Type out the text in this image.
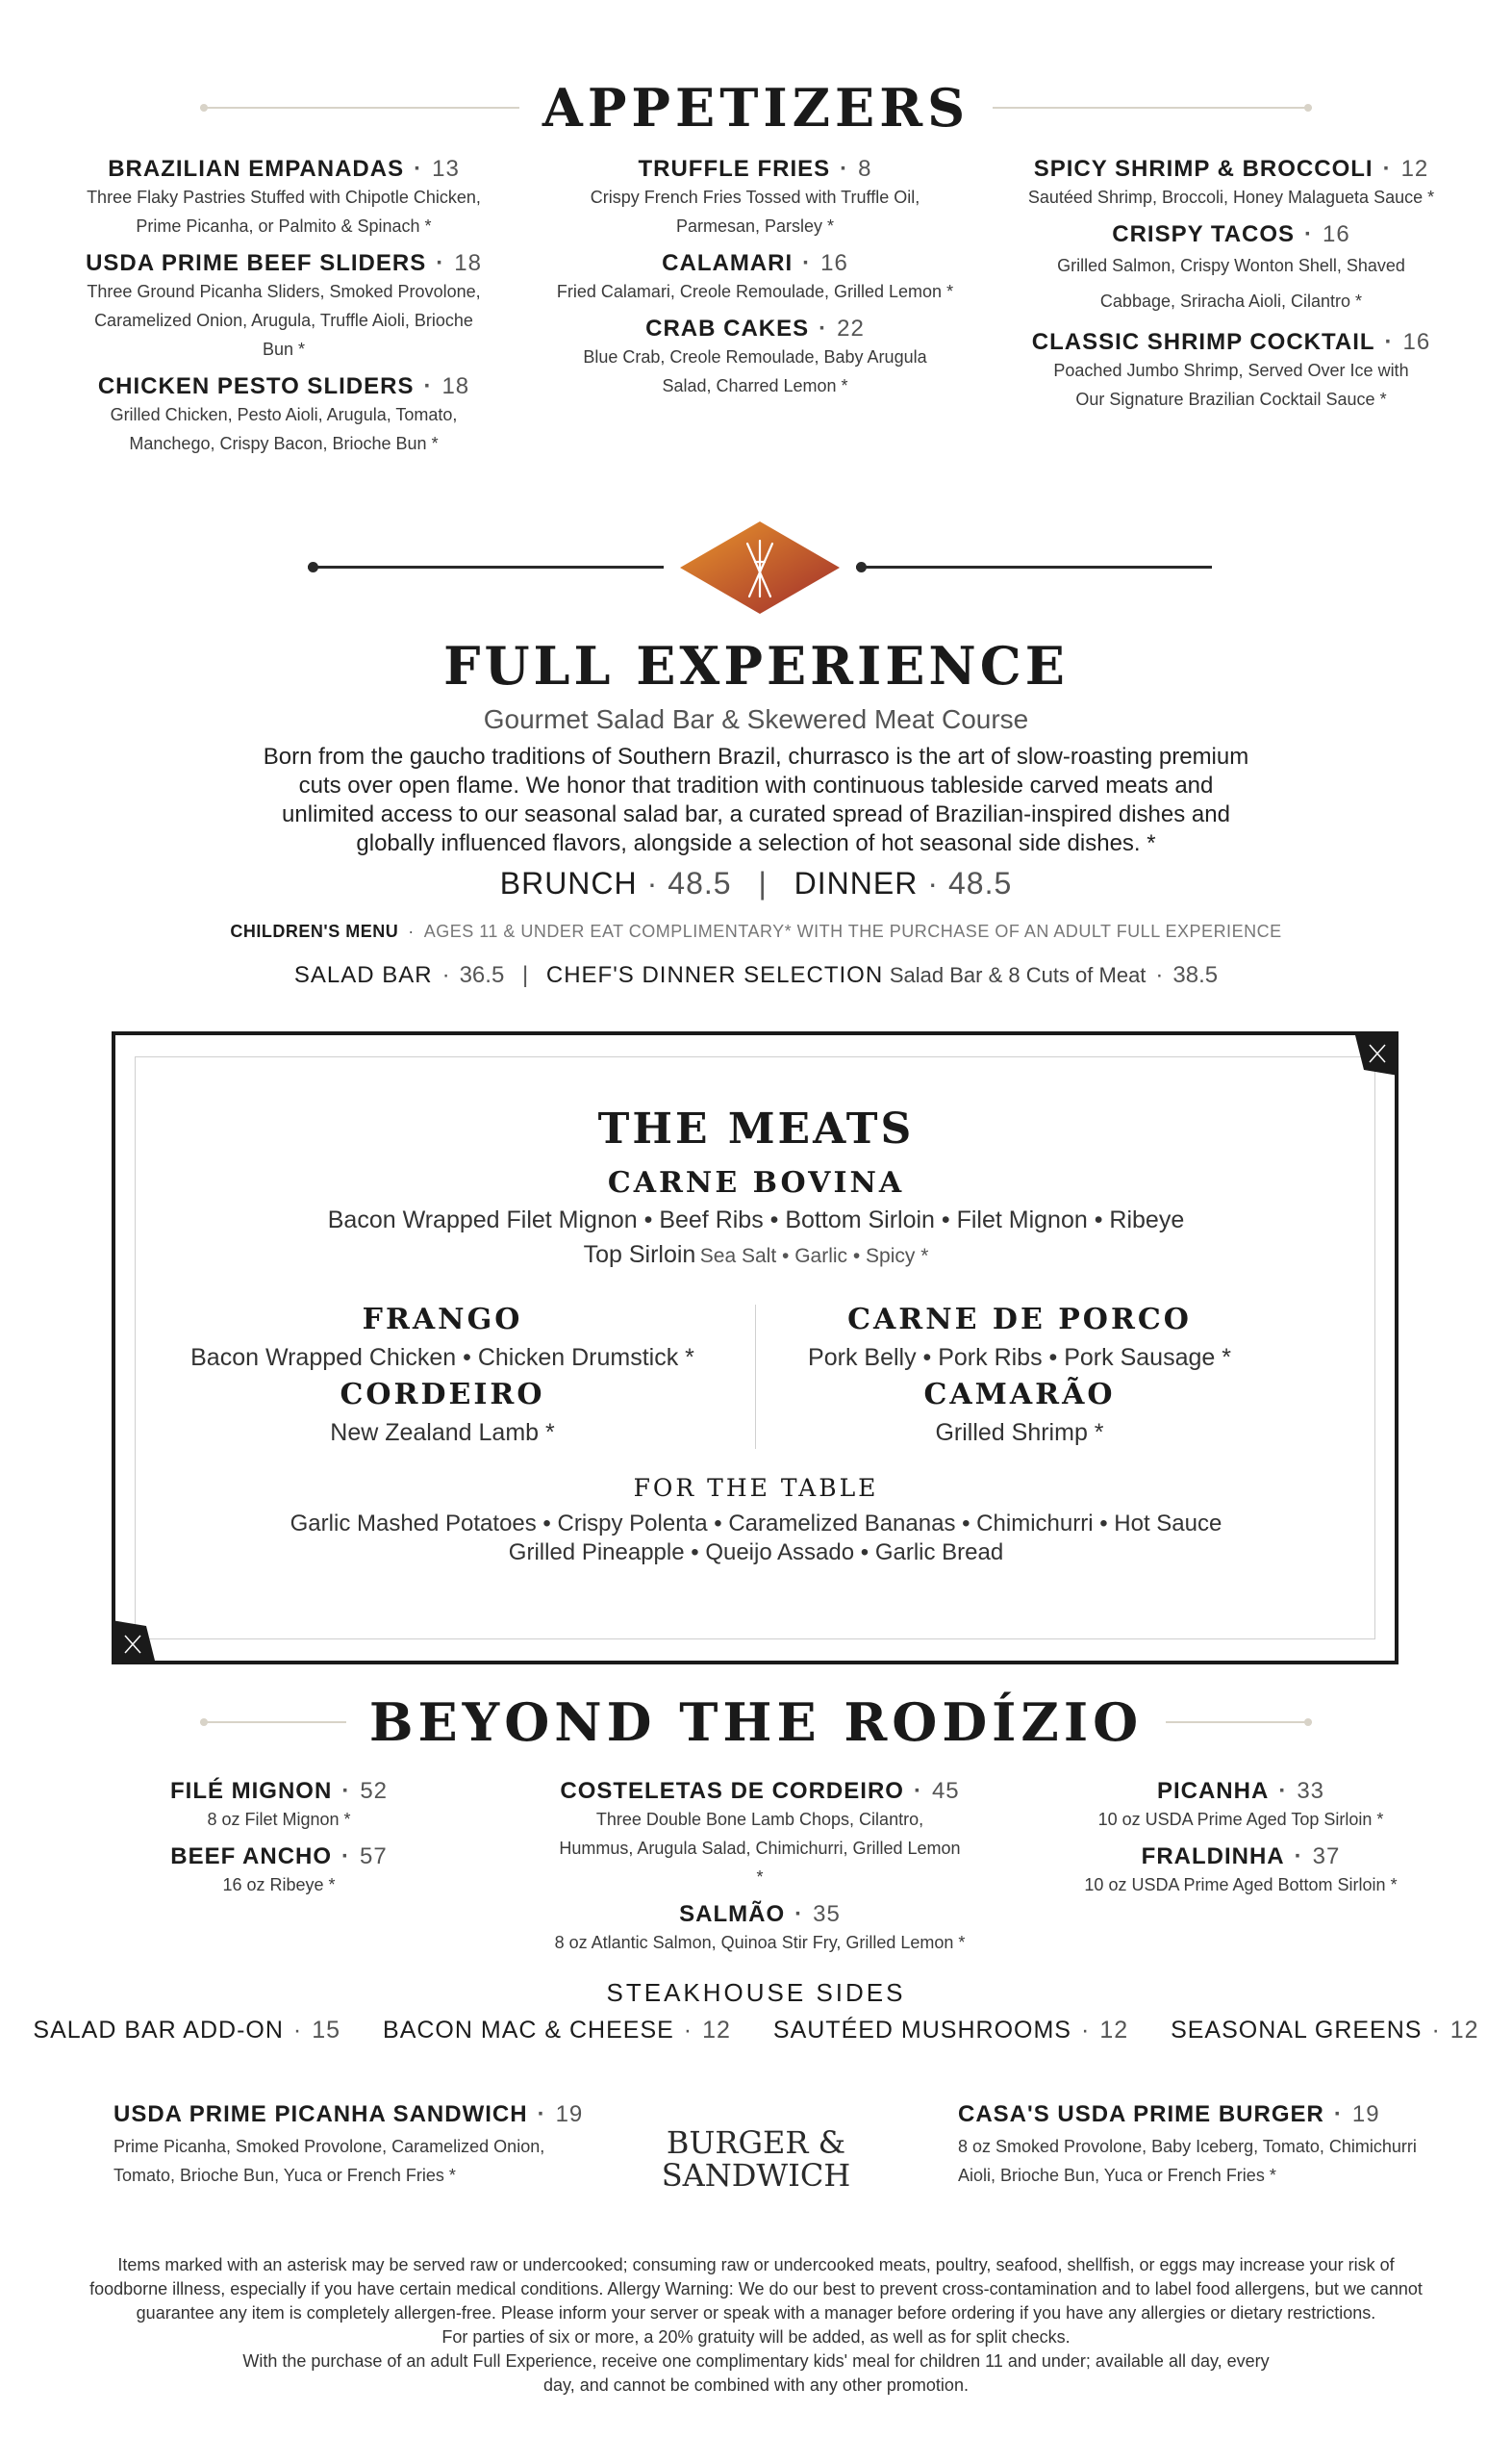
APPETIZERS
BRAZILIAN EMPANADAS · 13
Three Flaky Pastries Stuffed with Chipotle Chicken, Prime Picanha, or Palmito & Spinach *
USDA PRIME BEEF SLIDERS · 18
Three Ground Picanha Sliders, Smoked Provolone, Caramelized Onion, Arugula, Truffle Aioli, Brioche Bun *
CHICKEN PESTO SLIDERS · 18
Grilled Chicken, Pesto Aioli, Arugula, Tomato, Manchego, Crispy Bacon, Brioche Bun *
TRUFFLE FRIES · 8
Crispy French Fries Tossed with Truffle Oil, Parmesan, Parsley *
CALAMARI · 16
Fried Calamari, Creole Remoulade, Grilled Lemon *
CRAB CAKES · 22
Blue Crab, Creole Remoulade, Baby Arugula Salad, Charred Lemon *
SPICY SHRIMP & BROCCOLI · 12
Sautéed Shrimp, Broccoli, Honey Malagueta Sauce *
CRISPY TACOS · 16
Grilled Salmon, Crispy Wonton Shell, Shaved Cabbage, Sriracha Aioli, Cilantro *
CLASSIC SHRIMP COCKTAIL · 16
Poached Jumbo Shrimp, Served Over Ice with Our Signature Brazilian Cocktail Sauce *
FULL EXPERIENCE
Gourmet Salad Bar & Skewered Meat Course
Born from the gaucho traditions of Southern Brazil, churrasco is the art of slow-roasting premium cuts over open flame. We honor that tradition with continuous tableside carved meats and unlimited access to our seasonal salad bar, a curated spread of Brazilian-inspired dishes and globally influenced flavors, alongside a selection of hot seasonal side dishes. *
BRUNCH · 48.5 | DINNER · 48.5
CHILDREN'S MENU · AGES 11 & UNDER EAT COMPLIMENTARY* WITH THE PURCHASE OF AN ADULT FULL EXPERIENCE
SALAD BAR · 36.5 | CHEF'S DINNER SELECTION Salad Bar & 8 Cuts of Meat · 38.5
THE MEATS
CARNE BOVINA
Bacon Wrapped Filet Mignon • Beef Ribs • Bottom Sirloin • Filet Mignon • Ribeye
Top Sirloin Sea Salt • Garlic • Spicy *
FRANGO
Bacon Wrapped Chicken • Chicken Drumstick *
CORDEIRO
New Zealand Lamb *
CARNE DE PORCO
Pork Belly • Pork Ribs • Pork Sausage *
CAMARÃO
Grilled Shrimp *
FOR THE TABLE
Garlic Mashed Potatoes • Crispy Polenta • Caramelized Bananas • Chimichurri • Hot Sauce
Grilled Pineapple • Queijo Assado • Garlic Bread
BEYOND THE RODÍZIO
FILÉ MIGNON · 52
8 oz Filet Mignon *
BEEF ANCHO · 57
16 oz Ribeye *
COSTELETAS DE CORDEIRO · 45
Three Double Bone Lamb Chops, Cilantro, Hummus, Arugula Salad, Chimichurri, Grilled Lemon *
SALMÃO · 35
8 oz Atlantic Salmon, Quinoa Stir Fry, Grilled Lemon *
PICANHA · 33
10 oz USDA Prime Aged Top Sirloin *
FRALDINHA · 37
10 oz USDA Prime Aged Bottom Sirloin *
STEAKHOUSE SIDES
SALAD BAR ADD-ON · 15 BACON MAC & CHEESE · 12 SAUTÉED MUSHROOMS · 12 SEASONAL GREENS · 12
USDA PRIME PICANHA SANDWICH · 19
Prime Picanha, Smoked Provolone, Caramelized Onion, Tomato, Brioche Bun, Yuca or French Fries *
BURGER &
SANDWICH
CASA'S USDA PRIME BURGER · 19
8 oz Smoked Provolone, Baby Iceberg, Tomato, Chimichurri Aioli, Brioche Bun, Yuca or French Fries *
Items marked with an asterisk may be served raw or undercooked; consuming raw or undercooked meats, poultry, seafood, shellfish, or eggs may increase your risk of foodborne illness, especially if you have certain medical conditions. Allergy Warning: We do our best to prevent cross-contamination and to label food allergens, but we cannot guarantee any item is completely allergen-free. Please inform your server or speak with a manager before ordering if you have any allergies or dietary restrictions.
For parties of six or more, a 20% gratuity will be added, as well as for split checks.
With the purchase of an adult Full Experience, receive one complimentary kids' meal for children 11 and under; available all day, every day, and cannot be combined with any other promotion.
